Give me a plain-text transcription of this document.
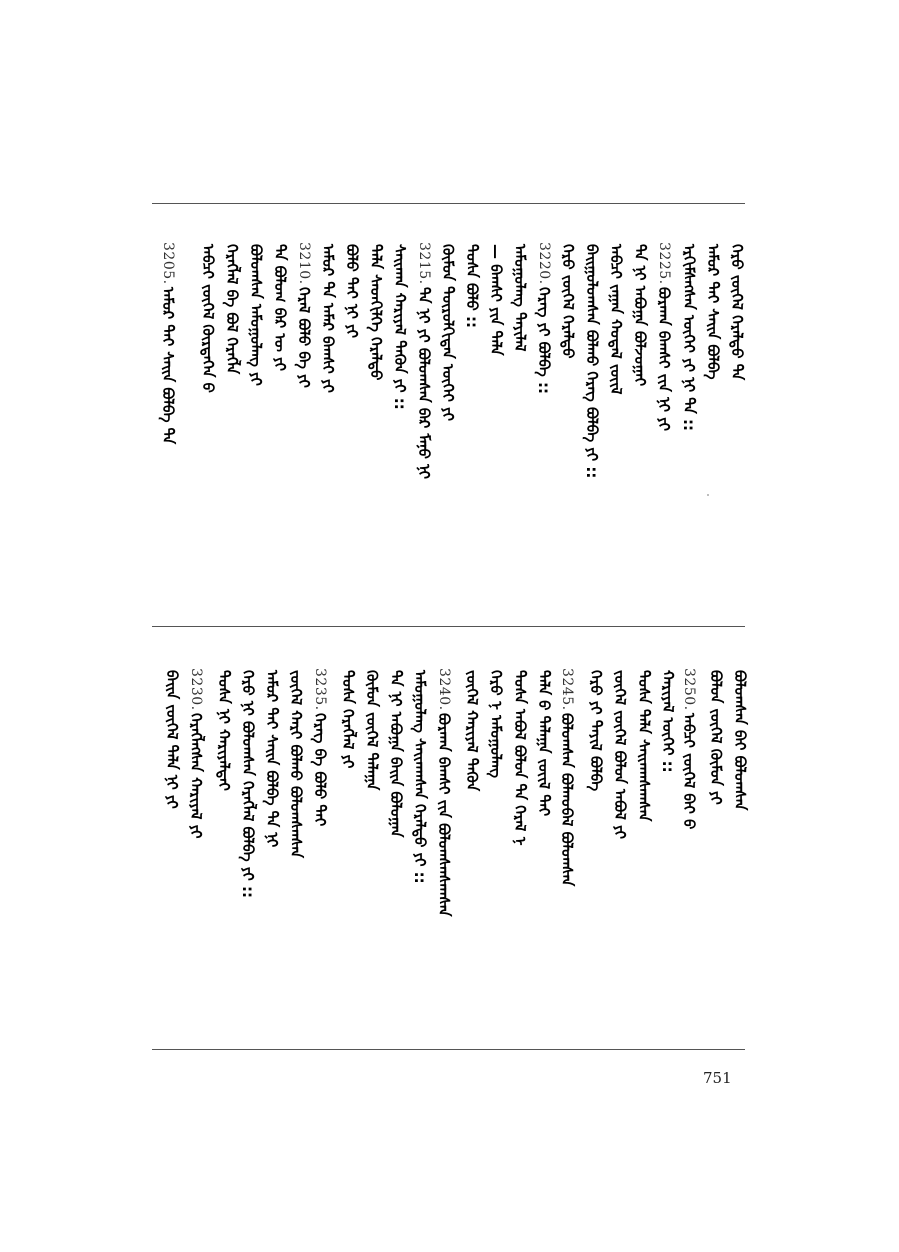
ᠬᠡᠷᠦ ᠵᠦᠭᠡᠯ ᠭᠡᠷᠡᠯᠲᠦ ᠲᠠ
ᠠᠮᠤᠷ ᠲᠠᠢ ᠰᠠᠢᠨ ᠪᠣᠯᠪᠠ
ᠡᠷᠬᠢᠮᠰᠡᠭᠰᠡᠨ ᠦᠭᠡᠢ ᠶᠢ ᠨᠢ ᠲᠠ ::
3225.
ᠪᠣᠷᠬᠠᠨ ᠪᠠᠭᠰᠢ ᠵᠢᠨ ᠨᠢ ᠶᠢ
ᠲᠠ ᠨᠢ ᠠᠪᠤᠭᠠ ᠪᠣᠯᠵᠤᠭᠠᠢ
ᠠᠪᠴᠢ ᠵᠠᠭᠠᠨ ᠬᠤᠳᠠᠯ ᠵᠦᠢᠯ
ᠪᠠᠢᠭᠤᠯᠤᠭᠰᠠᠨ ᠪᠣᠯᠬᠤ ᠬᠡᠷᠡᠭ ᠪᠣᠯᠪᠠ ᠶᠢ ::
ᠬᠡᠷᠦ ᠵᠦᠭᠡᠯ ᠭᠡᠷᠡᠯᠲᠦ
3220.
ᠬᠡᠷᠡᠭ ᠶᠢ ᠪᠣᠯᠪᠠ ::
ᠠᠮᠤᠭᠤᠯᠠᠩ ᠲᠠᠶᠢᠯᠠᠯ
— ᠪᠠᠭᠰᠢ ᠶᠢᠨ ᠲᠠᠯᠠ
ᠲᠤᠰᠠ ᠪᠣᠯᠤ ::
ᠬᠦᠮᠦᠨ ᠲᠥᠷᠦᠯᠬᠢᠲᠡᠨ ᠦᠭᠡᠢ ᠶᠢ
3215.
ᠲᠠ ᠨᠢ ᠶᠢ ᠪᠣᠯᠤᠭᠰᠠᠨ ᠪᠡᠷ ᠮᠠᠨᠤ ᠨᠢ
ᠰᠠᠢᠬᠠᠨ ᠬᠠᠷᠢᠶᠠᠯ ᠲᠡᠭᠦᠨ ᠶᠢ ::
ᠲᠠᠯᠠ ᠰᠡᠳᠬᠢᠯᠭᠡ ᠭᠡᠷᠡᠯᠲᠦ
ᠪᠣᠯᠤ ᠲᠠᠢ ᠨᠢ ᠶᠢ
ᠠᠮᠤᠷ ᠲᠠ ᠠᠮᠠᠷ ᠪᠠᠭᠰᠢ ᠶᠢ
3210.
ᠭᠡᠷᠡᠯ ᠪᠣᠯᠤ ᠪᠠ ᠶᠢ
ᠲᠠ ᠪᠣᠯᠤᠭ ᠪᠡᠷ ᠦ ᠶᠢ
ᠪᠣᠯᠤᠭᠰᠠᠨ ᠠᠮᠤᠭᠤᠯᠠᠩ ᠶᠢ
ᠬᠡᠷᠡᠭᠯᠡᠯ ᠪᠠ ᠪᠣᠯ ᠬᠡᠷᠡᠭᠯᠡ
ᠠᠪᠴᠢ ᠵᠦᠭᠡᠯ ᠬᠦᠷᠲᠡᠭᠡᠨ ᠪ
3205.
ᠠᠮᠤᠷ ᠲᠠᠢ ᠰᠠᠢᠨ ᠪᠣᠯᠪᠠ ᠲᠠ
ᠪᠣᠯᠤᠭᠰᠠᠨ ᠪᠠᠢ ᠪᠣᠯᠤᠭᠰᠠᠨ
ᠪᠣᠯᠤᠨ ᠵᠦᠭᠡᠯ ᠬᠦᠮᠦᠨ ᠶᠢ
3250.
ᠠᠪᠴᠢ ᠵᠦᠭᠡᠯ ᠪᠠᠢ ᠪ
ᠬᠠᠷᠢᠶᠠᠯ ᠦᠭᠡᠢ ::
ᠲᠤᠰᠠ ᠲᠠᠯᠠ ᠰᠠᠢᠬᠠᠨᠰᠠᠭᠰᠠᠨ
ᠵᠦᠭᠡᠯ ᠵᠦᠭᠡᠯ ᠪᠣᠯᠤᠨ ᠠᠪᠤᠯ ᠶᠢ
ᠬᠡᠷᠦ ᠶᠢ ᠲᠠᠶᠢᠯ ᠪᠣᠯᠪᠠ
3245.
ᠪᠣᠯᠤᠭᠰᠠᠨ ᠪᠣᠯᠬᠤᠪᠠᠯ ᠪᠣᠯᠤᠭᠰᠠᠨ
ᠲᠠᠯᠠ ᠪ ᠲᠠᠯᠠᠭᠠ ᠵᠦᠢᠯ ᠲᠠᠢ
ᠲᠤᠰᠠ ᠠᠪᠤᠯ ᠪᠣᠯᠤᠨ ᠲᠠ ᠭᠡᠷᠡᠯ ᠨ
ᠬᠡᠷᠦ ᠨ ᠠᠮᠤᠭᠤᠯᠠᠩ
ᠵᠦᠭᠡᠯ ᠬᠠᠷᠢᠶᠠᠯ ᠲᠡᠭᠦᠨ
3240.
ᠪᠣᠷᠬᠠᠨ ᠪᠠᠭᠰᠢ ᠵᠢᠨ ᠪᠣᠯᠤᠭᠰᠠᠨᠰᠠᠭᠰᠠᠨ
ᠠᠮᠤᠭᠤᠯᠠᠩ ᠰᠠᠢᠬᠠᠨᠰᠠᠨ ᠭᠡᠷᠡᠯᠲᠦ ᠶᠢ ::
ᠲᠠ ᠨᠢ ᠠᠪᠤᠭᠠ ᠪᠠᠢᠨ ᠪᠣᠯᠤᠭᠠᠨ
ᠬᠦᠮᠦᠨ ᠵᠦᠭᠡᠯ ᠲᠠᠯᠠᠭᠠ
ᠲᠤᠰᠠ ᠬᠡᠷᠡᠭᠯᠡᠯ ᠶᠢ
3235.
ᠬᠡᠷᠡᠭ ᠪᠠ ᠪᠣᠯᠤ ᠲᠠᠢ
ᠵᠦᠭᠡᠯ ᠬᠠᠷᠢ ᠪᠣᠯᠬᠤ ᠪᠣᠯᠤᠭᠰᠠᠨᠰᠠᠨ
ᠠᠮᠤᠷ ᠲᠠᠢ ᠰᠠᠢᠨ ᠪᠣᠯᠪᠠ ᠲᠠ ᠨᠢ
ᠬᠡᠷᠦ ᠨᠢ ᠪᠣᠯᠤᠭᠰᠠᠨ ᠬᠡᠷᠡᠭᠯᠡᠯ ᠪᠣᠯᠪᠠ ᠶᠢ ::
ᠲᠤᠰᠠ ᠨᠢ ᠬᠠᠷᠢᠶᠠᠯᠲᠠᠢ
3230.
ᠬᠡᠷᠡᠭᠯᠡᠭᠰᠡᠨ ᠬᠠᠷᠢᠶᠠᠯ ᠶᠢ
ᠪᠠᠢᠨ ᠵᠦᠭᠡᠯ ᠲᠠᠯᠠ ᠨᠢ ᠶᠢ
751
